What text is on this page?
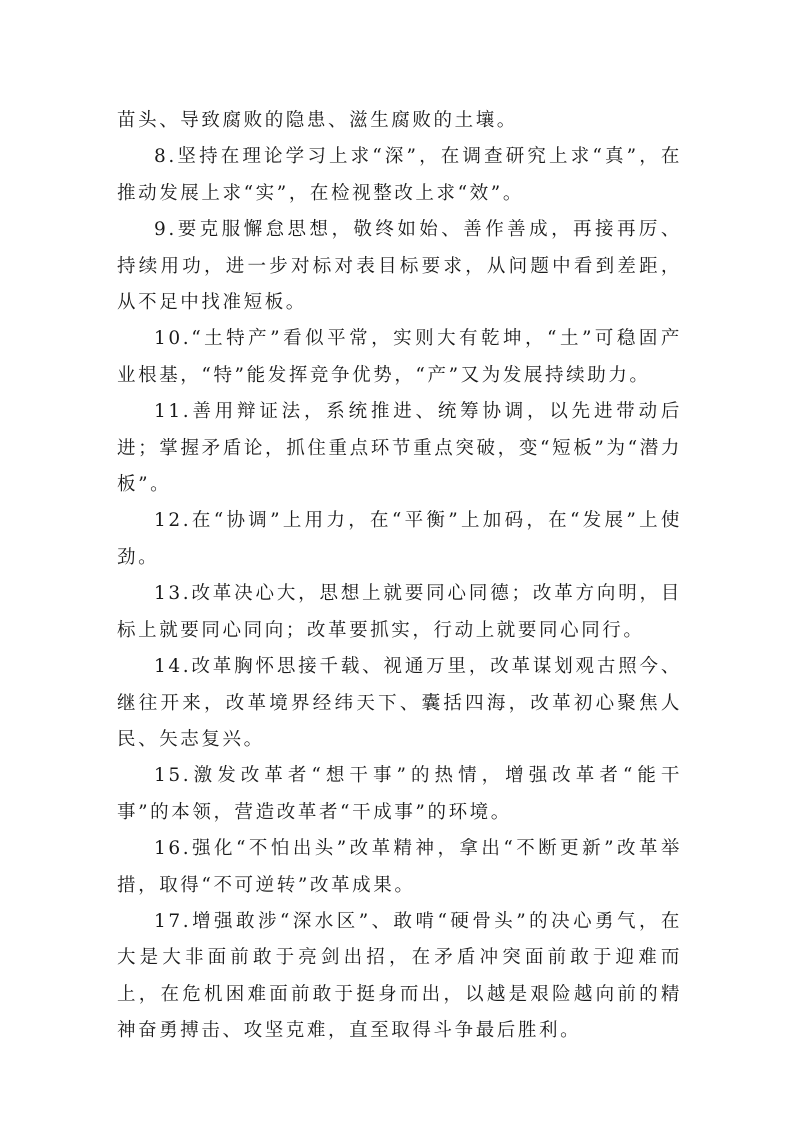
苗头、导致腐败的隐患、滋生腐败的土壤。

8.坚持在理论学习上求“深”，在调查研究上求“真”，在推动发展上求“实”，在检视整改上求“效”。

9.要克服懈怠思想，敬终如始、善作善成，再接再厉、持续用功，进一步对标对表目标要求，从问题中看到差距，从不足中找准短板。

10.“土特产”看似平常，实则大有乾坤，“土”可稳固产业根基，“特”能发挥竞争优势，“产”又为发展持续助力。

11.善用辩证法，系统推进、统筹协调，以先进带动后进；掌握矛盾论，抓住重点环节重点突破，变“短板”为“潜力板”。

12.在“协调”上用力，在“平衡”上加码，在“发展”上使劲。

13.改革决心大，思想上就要同心同德；改革方向明，目标上就要同心同向；改革要抓实，行动上就要同心同行。

14.改革胸怀思接千载、视通万里，改革谋划观古照今、继往开来，改革境界经纬天下、囊括四海，改革初心聚焦人民、矢志复兴。

15.激发改革者“想干事”的热情，增强改革者“能干事”的本领，营造改革者“干成事”的环境。

16.强化“不怕出头”改革精神，拿出“不断更新”改革举措，取得“不可逆转”改革成果。

17.增强敢涉“深水区”、敢啃“硬骨头”的决心勇气，在大是大非面前敢于亮剑出招，在矛盾冲突面前敢于迎难而上，在危机困难面前敢于挺身而出，以越是艰险越向前的精神奋勇搏击、攻坚克难，直至取得斗争最后胜利。
